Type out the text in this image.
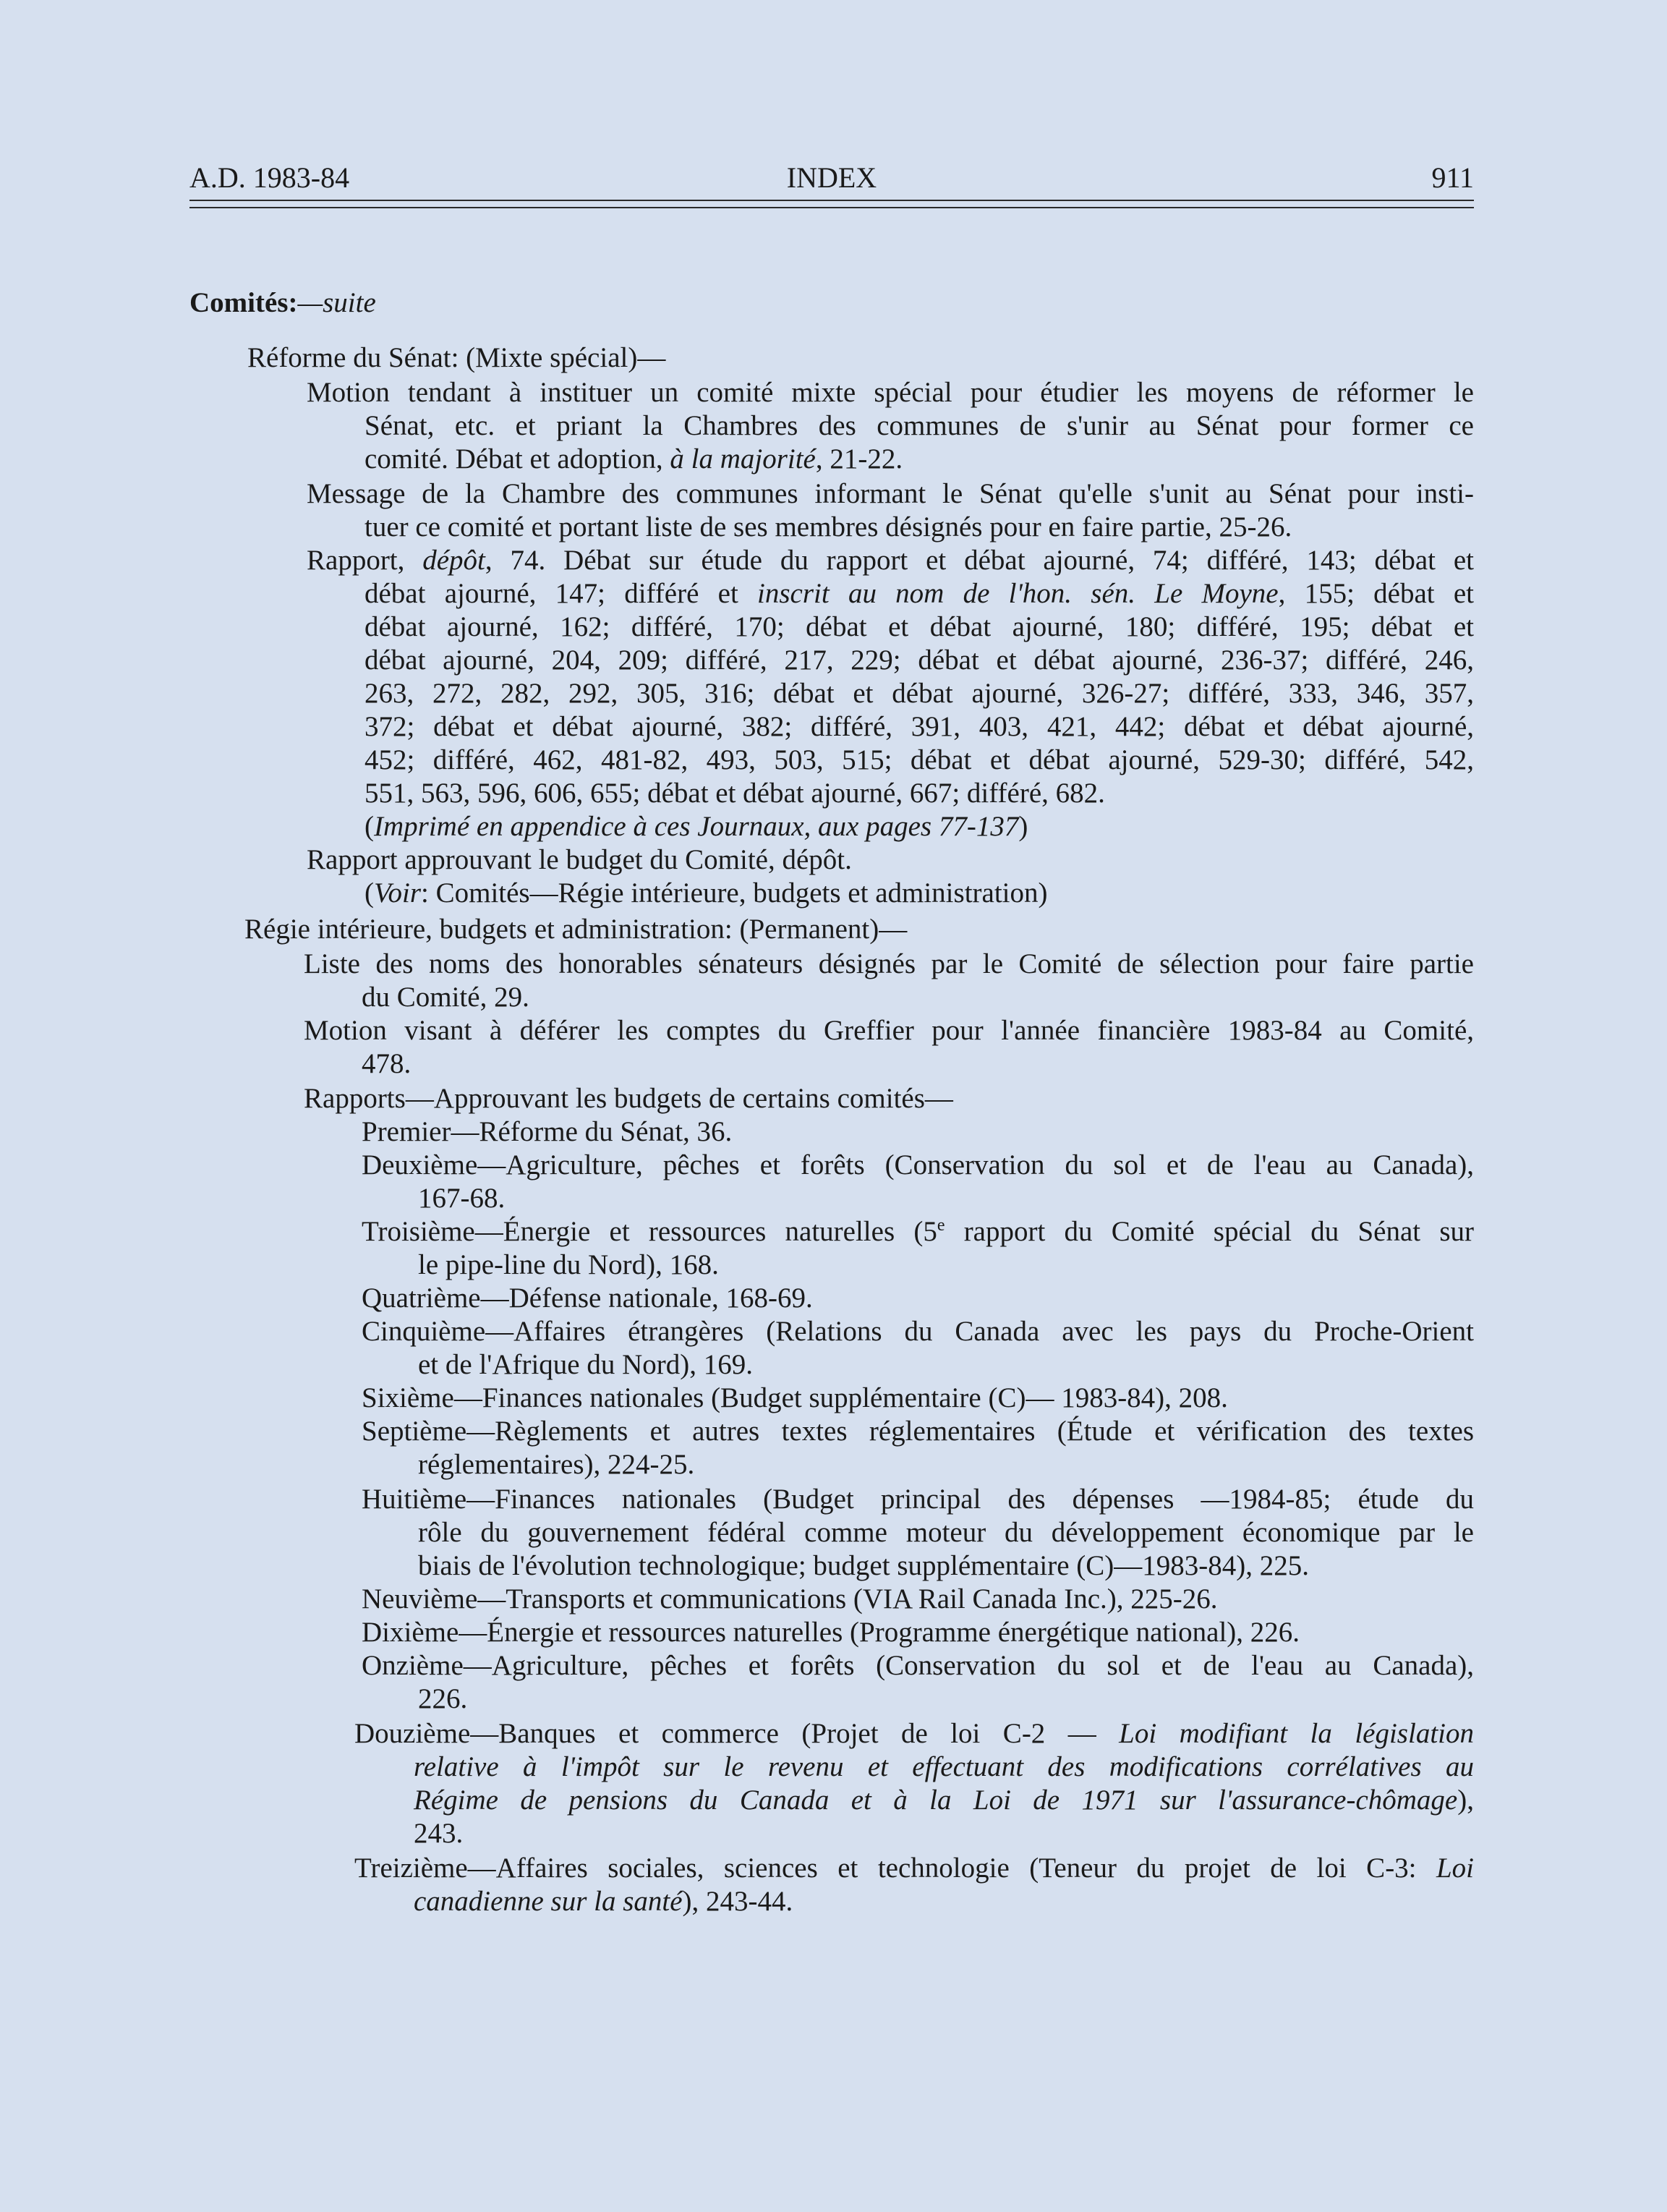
A.D. 1983-84	INDEX	911
Comités:—suite
Réforme du Sénat: (Mixte spécial)—
Motion tendant à instituer un comité mixte spécial pour étudier les moyens de réformer le
Sénat, etc. et priant la Chambres des communes de s'unir au Sénat pour former ce
comité. Débat et adoption, à la majorité, 21-22.
Message de la Chambre des communes informant le Sénat qu'elle s'unit au Sénat pour insti-
tuer ce comité et portant liste de ses membres désignés pour en faire partie, 25-26.
Rapport, dépôt, 74. Débat sur étude du rapport et débat ajourné, 74; différé, 143; débat et
débat ajourné, 147; différé et inscrit au nom de l'hon. sén. Le Moyne, 155; débat et
débat ajourné, 162; différé, 170; débat et débat ajourné, 180; différé, 195; débat et
débat ajourné, 204, 209; différé, 217, 229; débat et débat ajourné, 236-37; différé, 246,
263, 272, 282, 292, 305, 316; débat et débat ajourné, 326-27; différé, 333, 346, 357,
372; débat et débat ajourné, 382; différé, 391, 403, 421, 442; débat et débat ajourné,
452; différé, 462, 481-82, 493, 503, 515; débat et débat ajourné, 529-30; différé, 542,
551, 563, 596, 606, 655; débat et débat ajourné, 667; différé, 682.
(Imprimé en appendice à ces Journaux, aux pages 77-137)
Rapport approuvant le budget du Comité, dépôt.
(Voir: Comités—Régie intérieure, budgets et administration)
Régie intérieure, budgets et administration: (Permanent)—
Liste des noms des honorables sénateurs désignés par le Comité de sélection pour faire partie
du Comité, 29.
Motion visant à déférer les comptes du Greffier pour l'année financière 1983-84 au Comité,
478.
Rapports—Approuvant les budgets de certains comités—
Premier—Réforme du Sénat, 36.
Deuxième—Agriculture, pêches et forêts (Conservation du sol et de l'eau au Canada),
167-68.
Troisième—Énergie et ressources naturelles (5e rapport du Comité spécial du Sénat sur
le pipe-line du Nord), 168.
Quatrième—Défense nationale, 168-69.
Cinquième—Affaires étrangères (Relations du Canada avec les pays du Proche-Orient
et de l'Afrique du Nord), 169.
Sixième—Finances nationales (Budget supplémentaire (C)— 1983-84), 208.
Septième—Règlements et autres textes réglementaires (Étude et vérification des textes
réglementaires), 224-25.
Huitième—Finances nationales (Budget principal des dépenses —1984-85; étude du
rôle du gouvernement fédéral comme moteur du développement économique par le
biais de l'évolution technologique; budget supplémentaire (C)—1983-84), 225.
Neuvième—Transports et communications (VIA Rail Canada Inc.), 225-26.
Dixième—Énergie et ressources naturelles (Programme énergétique national), 226.
Onzième—Agriculture, pêches et forêts (Conservation du sol et de l'eau au Canada),
226.
Douzième—Banques et commerce (Projet de loi C-2 — Loi modifiant la législation
relative à l'impôt sur le revenu et effectuant des modifications corrélatives au
Régime de pensions du Canada et à la Loi de 1971 sur l'assurance-chômage),
243.
Treizième—Affaires sociales, sciences et technologie (Teneur du projet de loi C-3: Loi
canadienne sur la santé), 243-44.
